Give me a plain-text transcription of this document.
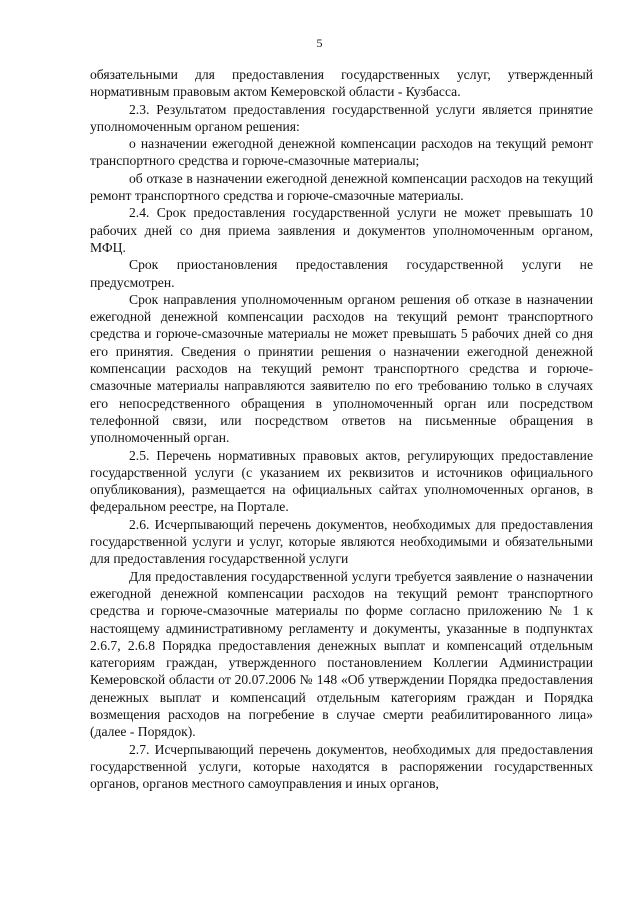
5

обязательными для предоставления государственных услуг, утвержденный нормативным правовым актом Кемеровской области - Кузбасса.

2.3. Результатом предоставления государственной услуги является принятие уполномоченным органом решения:

о назначении ежегодной денежной компенсации расходов на текущий ремонт транспортного средства и горюче-смазочные материалы;

об отказе в назначении ежегодной денежной компенсации расходов на текущий ремонт транспортного средства и горюче-смазочные материалы.

2.4. Срок предоставления государственной услуги не может превышать 10 рабочих дней со дня приема заявления и документов уполномоченным органом, МФЦ.

Срок приостановления предоставления государственной услуги не предусмотрен.

Срок направления уполномоченным органом решения об отказе в назначении ежегодной денежной компенсации расходов на текущий ремонт транспортного средства и горюче-смазочные материалы не может превышать 5 рабочих дней со дня его принятия. Сведения о принятии решения о назначении ежегодной денежной компенсации расходов на текущий ремонт транспортного средства и горюче-смазочные материалы направляются заявителю по его требованию только в случаях его непосредственного обращения в уполномоченный орган или посредством телефонной связи, или посредством ответов на письменные обращения в уполномоченный орган.

2.5. Перечень нормативных правовых актов, регулирующих предоставление государственной услуги (с указанием их реквизитов и источников официального опубликования), размещается на официальных сайтах уполномоченных органов, в федеральном реестре, на Портале.

2.6. Исчерпывающий перечень документов, необходимых для предоставления государственной услуги и услуг, которые являются необходимыми и обязательными для предоставления государственной услуги

Для предоставления государственной услуги требуется заявление о назначении ежегодной денежной компенсации расходов на текущий ремонт транспортного средства и горюче-смазочные материалы по форме согласно приложению № 1 к настоящему административному регламенту и документы, указанные в подпунктах 2.6.7, 2.6.8 Порядка предоставления денежных выплат и компенсаций отдельным категориям граждан, утвержденного постановлением Коллегии Администрации Кемеровской области от 20.07.2006 № 148 «Об утверждении Порядка предоставления денежных выплат и компенсаций отдельным категориям граждан и Порядка возмещения расходов на погребение в случае смерти реабилитированного лица» (далее - Порядок).

2.7. Исчерпывающий перечень документов, необходимых для предоставления государственной услуги, которые находятся в распоряжении государственных органов, органов местного самоуправления и иных органов,
